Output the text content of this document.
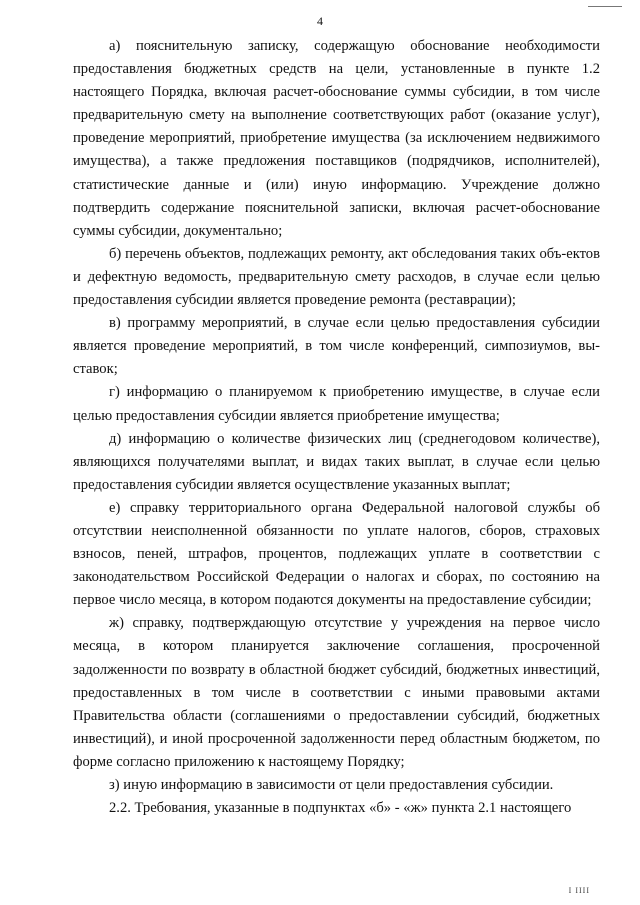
4

а) пояснительную записку, содержащую обоснование необходимости предоставления бюджетных средств на цели, установленные в пункте 1.2 настоящего Порядка, включая расчет-обоснование суммы субсидии, в том числе предварительную смету на выполнение соответствующих работ (оказание услуг), проведение мероприятий, приобретение имущества (за исключением недвижимого имущества), а также предложения поставщиков (подрядчиков, исполнителей), статистические данные и (или) иную информацию. Учреждение должно подтвердить содержание пояснительной записки, включая расчет-обоснование суммы субсидии, документально;

б) перечень объектов, подлежащих ремонту, акт обследования таких объ-ектов и дефектную ведомость, предварительную смету расходов, в случае если целью предоставления субсидии является проведение ремонта (реставрации);

в) программу мероприятий, в случае если целью предоставления субсидии является проведение мероприятий, в том числе конференций, симпозиумов, вы-ставок;

г) информацию о планируемом к приобретению имуществе, в случае если целью предоставления субсидии является приобретение имущества;

д) информацию о количестве физических лиц (среднегодовом количестве), являющихся получателями выплат, и видах таких выплат, в случае если целью предоставления субсидии является осуществление указанных выплат;

е) справку территориального органа Федеральной налоговой службы об отсутствии неисполненной обязанности по уплате налогов, сборов, страховых взносов, пеней, штрафов, процентов, подлежащих уплате в соответствии с законодательством Российской Федерации о налогах и сборах, по состоянию на первое число месяца, в котором подаются документы на предоставление субсидии;

ж) справку, подтверждающую отсутствие у учреждения на первое число месяца, в котором планируется заключение соглашения, просроченной задолженности по возврату в областной бюджет субсидий, бюджетных инвестиций, предоставленных в том числе в соответствии с иными правовыми актами Правительства области (соглашениями о предоставлении субсидий, бюджетных инвестиций), и иной просроченной задолженности перед областным бюджетом, по форме согласно приложению к настоящему Порядку;

з) иную информацию в зависимости от цели предоставления субсидии.

2.2. Требования, указанные в подпунктах «б» - «ж» пункта 2.1 настоящего

I IIII
